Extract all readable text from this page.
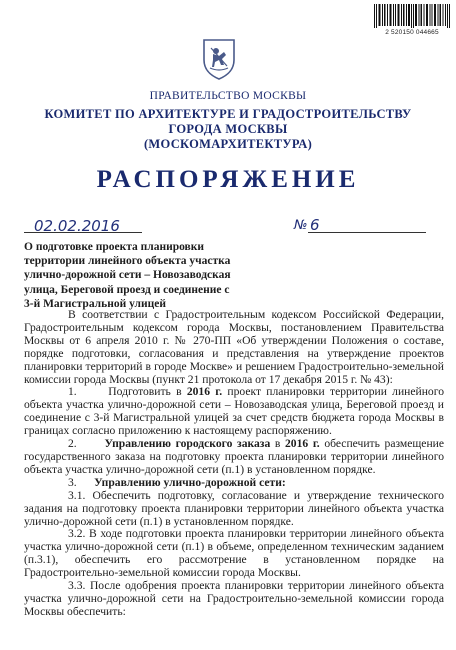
2 520150 044665
ПРАВИТЕЛЬСТВО МОСКВЫ
КОМИТЕТ ПО АРХИТЕКТУРЕ И ГРАДОСТРОИТЕЛЬСТВУ
ГОРОДА МОСКВЫ
(МОСКОМАРХИТЕКТУРА)
РАСПОРЯЖЕНИЕ
02.02.2016	№ 6
О подготовке проекта планировки
территории линейного объекта участка
улично-дорожной сети – Новозаводская
улица, Береговой проезд и соединение с
3-й Магистральной улицей

В соответствии с Градостроительным кодексом Российской Федерации, Градостроительным кодексом города Москвы, постановлением Правительства Москвы от 6 апреля 2010 г. № 270-ПП «Об утверждении Положения о составе, порядке подготовки, согласования и представления на утверждение проектов планировки территорий в городе Москве» и решением Градостроительно-земельной комиссии города Москвы (пункт 21 протокола от 17 декабря 2015 г. № 43):

1.	Подготовить в 2016 г. проект планировки территории линейного объекта участка улично-дорожной сети – Новозаводская улица, Береговой проезд и соединение с 3-й Магистральной улицей за счет средств бюджета города Москвы в границах согласно приложению к настоящему распоряжению.

2. Управлению городского заказа в 2016 г. обеспечить размещение государственного заказа на подготовку проекта планировки территории линейного объекта участка улично-дорожной сети (п.1) в установленном порядке.

3. Управлению улично-дорожной сети:

3.1. Обеспечить подготовку, согласование и утверждение технического задания на подготовку проекта планировки территории линейного объекта участка улично-дорожной сети (п.1) в установленном порядке.

3.2. В ходе подготовки проекта планировки территории линейного объекта участка улично-дорожной сети (п.1) в объеме, определенном техническим заданием (п.3.1), обеспечить его рассмотрение в установленном порядке на Градостроительно-земельной комиссии города Москвы.

3.3. После одобрения проекта планировки территории линейного объекта участка улично-дорожной сети на Градостроительно-земельной комиссии города Москвы обеспечить:
